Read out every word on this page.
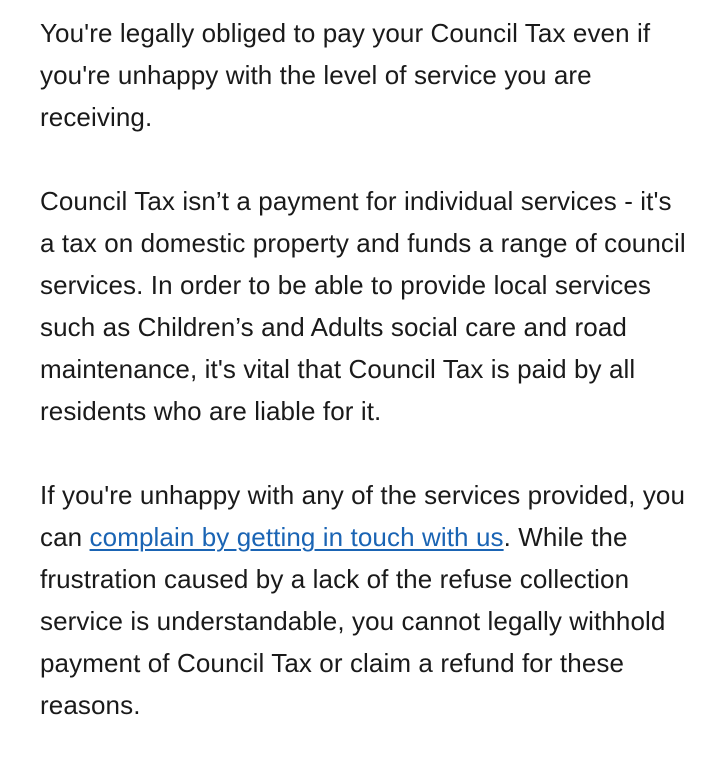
You're legally obliged to pay your Council Tax even if you're unhappy with the level of service you are receiving.

Council Tax isn’t a payment for individual services - it's a tax on domestic property and funds a range of council services. In order to be able to provide local services such as Children’s and Adults social care and road maintenance, it's vital that Council Tax is paid by all residents who are liable for it.

If you're unhappy with any of the services provided, you can complain by getting in touch with us. While the frustration caused by a lack of the refuse collection service is understandable, you cannot legally withhold payment of Council Tax or claim a refund for these reasons.
